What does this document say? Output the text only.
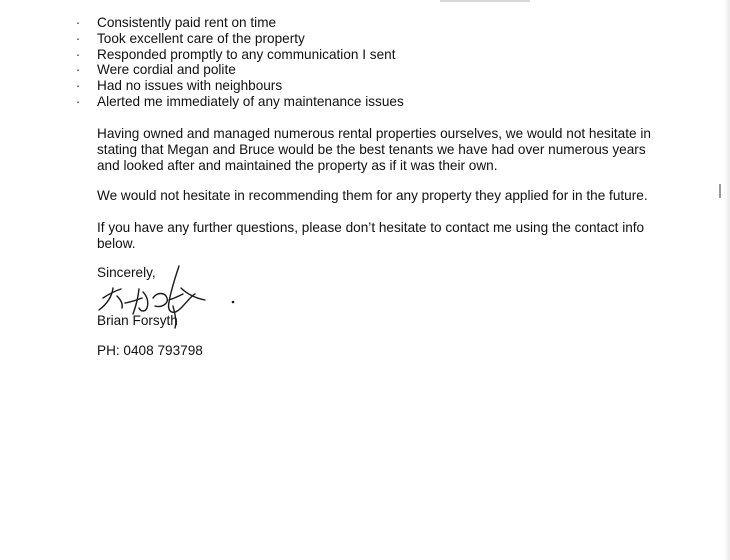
· Consistently paid rent on time
· Took excellent care of the property
· Responded promptly to any communication I sent
· Were cordial and polite
· Had no issues with neighbours
· Alerted me immediately of any maintenance issues

Having owned and managed numerous rental properties ourselves, we would not hesitate in stating that Megan and Bruce would be the best tenants we have had over numerous years and looked after and maintained the property as if it was their own.

We would not hesitate in recommending them for any property they applied for in the future.

If you have any further questions, please don’t hesitate to contact me using the contact info below.

Sincerely,

Brian Forsyth

PH: 0408 793798
